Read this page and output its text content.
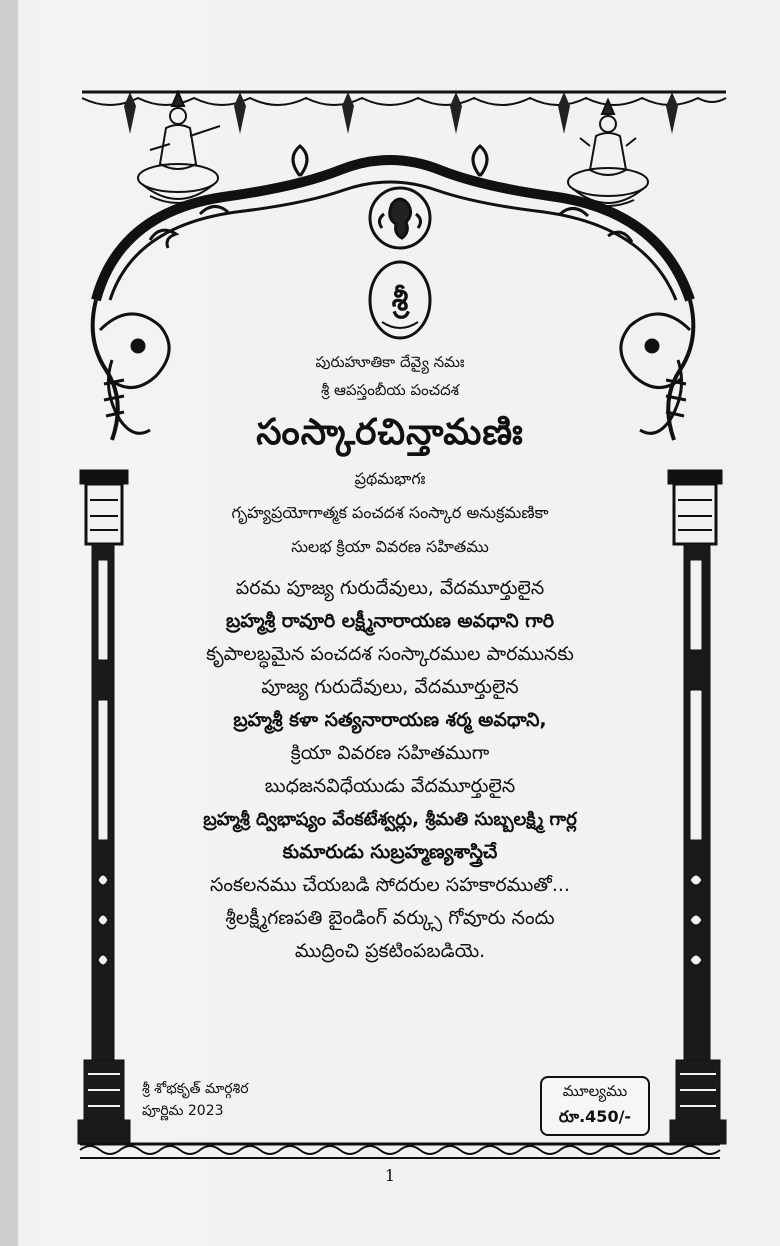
శ్రీ

పురుహూతికా దేవ్యై నమః

శ్రీ ఆపస్తంబీయ పంచదశ

సంస్కారచిన్తామణిః

ప్రథమభాగః

గృహ్యప్రయోగాత్మక పంచదశ సంస్కార అనుక్రమణికా

సులభ క్రియా వివరణ సహితము

పరమ పూజ్య గురుదేవులు, వేదమూర్తులైన

బ్రహ్మశ్రీ రావూరి లక్ష్మీనారాయణ అవధాని గారి

కృపాలబ్ధమైన పంచదశ సంస్కారముల పారమునకు

పూజ్య గురుదేవులు, వేదమూర్తులైన

బ్రహ్మశ్రీ కళా సత్యనారాయణ శర్మ అవధాని,

క్రియా వివరణ సహితముగా

బుధజనవిధేయుడు వేదమూర్తులైన

బ్రహ్మశ్రీ ద్విభాష్యం వేంకటేశ్వర్లు, శ్రీమతి సుబ్బలక్ష్మి గార్ల

కుమారుడు సుబ్రహ్మణ్యశాస్త్రిచే

సంకలనము చేయబడి సోదరుల సహకారముతో...

శ్రీలక్ష్మీగణపతి బైండింగ్ వర్క్సు గోవూరు నందు

ముద్రించి ప్రకటింపబడియె.

శ్రీ శోభకృత్ మార్గశిర
పూర్ణిమ 2023
మూల్యము
రూ.450/-
1
